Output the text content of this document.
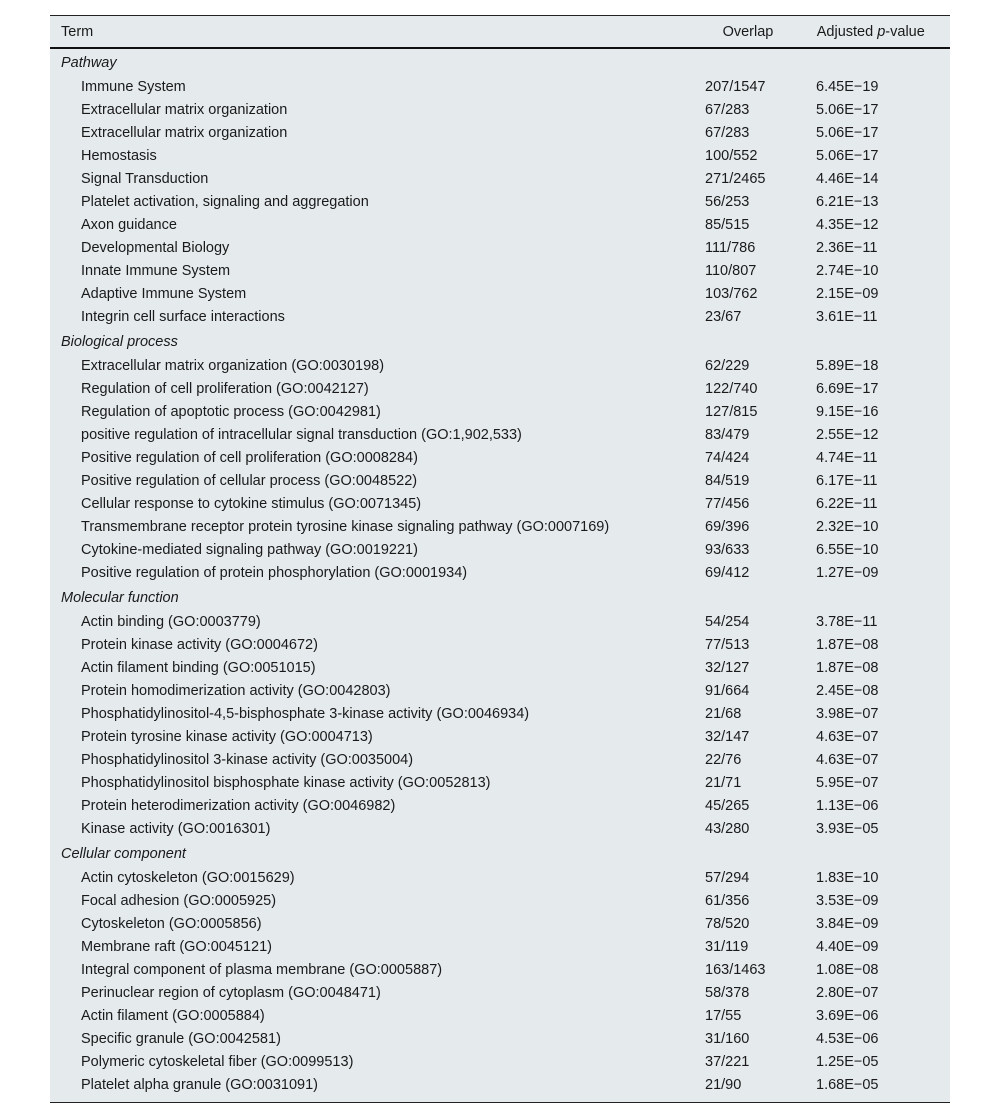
Term	Overlap	Adjusted p-value
Pathway
Immune System	207/1547	6.45E−19
Extracellular matrix organization	67/283	5.06E−17
Extracellular matrix organization	67/283	5.06E−17
Hemostasis	100/552	5.06E−17
Signal Transduction	271/2465	4.46E−14
Platelet activation, signaling and aggregation	56/253	6.21E−13
Axon guidance	85/515	4.35E−12
Developmental Biology	111/786	2.36E−11
Innate Immune System	110/807	2.74E−10
Adaptive Immune System	103/762	2.15E−09
Integrin cell surface interactions	23/67	3.61E−11
Biological process
Extracellular matrix organization (GO:0030198)	62/229	5.89E−18
Regulation of cell proliferation (GO:0042127)	122/740	6.69E−17
Regulation of apoptotic process (GO:0042981)	127/815	9.15E−16
positive regulation of intracellular signal transduction (GO:1,902,533)	83/479	2.55E−12
Positive regulation of cell proliferation (GO:0008284)	74/424	4.74E−11
Positive regulation of cellular process (GO:0048522)	84/519	6.17E−11
Cellular response to cytokine stimulus (GO:0071345)	77/456	6.22E−11
Transmembrane receptor protein tyrosine kinase signaling pathway (GO:0007169)	69/396	2.32E−10
Cytokine-mediated signaling pathway (GO:0019221)	93/633	6.55E−10
Positive regulation of protein phosphorylation (GO:0001934)	69/412	1.27E−09
Molecular function
Actin binding (GO:0003779)	54/254	3.78E−11
Protein kinase activity (GO:0004672)	77/513	1.87E−08
Actin filament binding (GO:0051015)	32/127	1.87E−08
Protein homodimerization activity (GO:0042803)	91/664	2.45E−08
Phosphatidylinositol-4,5-bisphosphate 3-kinase activity (GO:0046934)	21/68	3.98E−07
Protein tyrosine kinase activity (GO:0004713)	32/147	4.63E−07
Phosphatidylinositol 3-kinase activity (GO:0035004)	22/76	4.63E−07
Phosphatidylinositol bisphosphate kinase activity (GO:0052813)	21/71	5.95E−07
Protein heterodimerization activity (GO:0046982)	45/265	1.13E−06
Kinase activity (GO:0016301)	43/280	3.93E−05
Cellular component
Actin cytoskeleton (GO:0015629)	57/294	1.83E−10
Focal adhesion (GO:0005925)	61/356	3.53E−09
Cytoskeleton (GO:0005856)	78/520	3.84E−09
Membrane raft (GO:0045121)	31/119	4.40E−09
Integral component of plasma membrane (GO:0005887)	163/1463	1.08E−08
Perinuclear region of cytoplasm (GO:0048471)	58/378	2.80E−07
Actin filament (GO:0005884)	17/55	3.69E−06
Specific granule (GO:0042581)	31/160	4.53E−06
Polymeric cytoskeletal fiber (GO:0099513)	37/221	1.25E−05
Platelet alpha granule (GO:0031091)	21/90	1.68E−05
